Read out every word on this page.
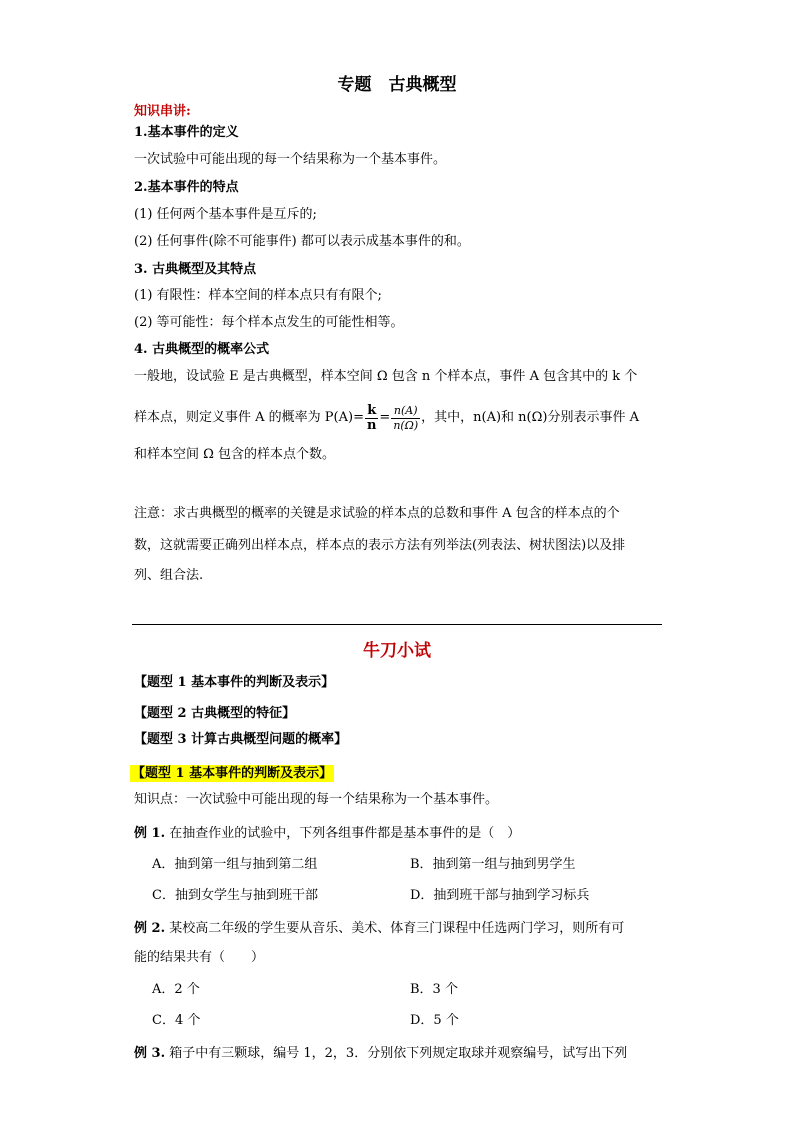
专题　古典概型
知识串讲:
1.基本事件的定义
一次试验中可能出现的每一个结果称为一个基本事件。
2.基本事件的特点
(1) 任何两个基本事件是互斥的;
(2) 任何事件(除不可能事件) 都可以表示成基本事件的和。
3. 古典概型及其特点
(1) 有限性：样本空间的样本点只有有限个;
(2) 等可能性：每个样本点发生的可能性相等。
4. 古典概型的概率公式
一般地，设试验 E 是古典概型，样本空间 Ω 包含 n 个样本点，事件 A 包含其中的 k 个
样本点，则定义事件 A 的概率为 $P(A)= \frac{k}{n} = \frac{n(A)}{n(\Omega)}$ ，其中，n(A)和 n(Ω)分别表示事件 A
和样本空间 Ω 包含的样本点个数。
注意：求古典概型的概率的关键是求试验的样本点的总数和事件 A 包含的样本点的个
数，这就需要正确列出样本点，样本点的表示方法有列举法(列表法、树状图法)以及排
列、组合法.
牛刀小试
【题型 1 基本事件的判断及表示】
【题型 2 古典概型的特征】
【题型 3 计算古典概型问题的概率】
【题型 1 基本事件的判断及表示】
知识点：一次试验中可能出现的每一个结果称为一个基本事件。
例 1. 在抽查作业的试验中，下列各组事件都是基本事件的是（　）
A．抽到第一组与抽到第二组	B．抽到第一组与抽到男学生
C．抽到女学生与抽到班干部	D．抽到班干部与抽到学习标兵
例 2. 某校高二年级的学生要从音乐、美术、体育三门课程中任选两门学习，则所有可
能的结果共有（　　）
A．2 个	B．3 个
C．4 个	D．5 个
例 3. 箱子中有三颗球，编号 1，2，3．分别依下列规定取球并观察编号，试写出下列
